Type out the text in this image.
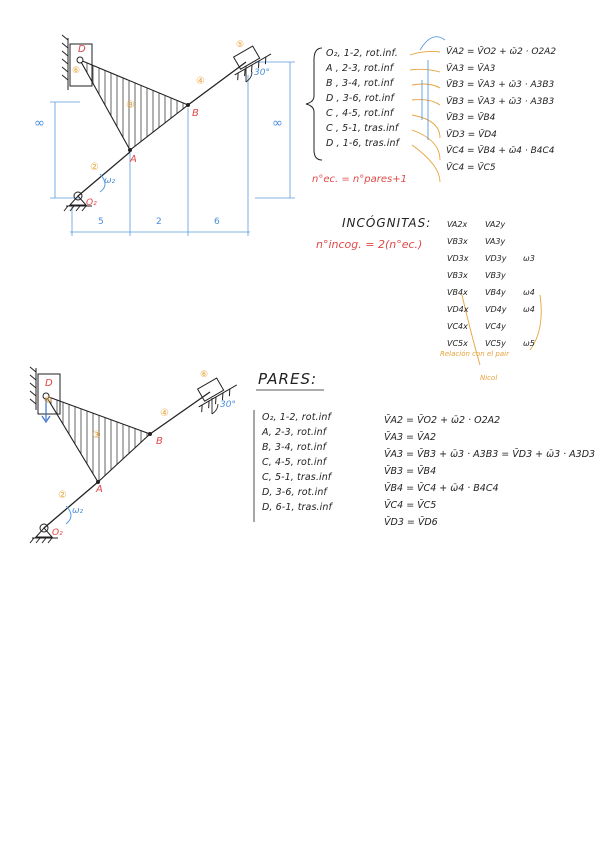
D
⑥
③
④
⑤
②
A
B
O₂
ω₂
30°
∞	∞
5	2	6
O₂, 1-2, rot.inf.
A , 2-3, rot.inf
B , 3-4, rot.inf
D , 3-6, rot.inf
C , 4-5, rot.inf
C , 5-1, tras.inf
D , 1-6, tras.inf
V̄A2 = V̄O2 + ω̄2 · O2A2
V̄A3 = V̄A3
V̄B3 = V̄A3 + ω̄3 · A3B3
V̄B3 = V̄A3 + ω̄3 · A3B3
V̄B3 = V̄B4
V̄D3 = V̄D4
V̄C4 = V̄B4 + ω̄4 · B4C4
V̄C4 = V̄C5
n°ec. = n°pares+1
INCÓGNITAS:
n°incog. = 2(n°ec.)
VA2x	VA2y	
VB3x	VA3y	
VD3x	VD3y	ω3
VB3x	VB3y	
VB4x	VB4y	ω4
VD4x	VD4y	ω4
VC4x	VC4y	
VC5x	VC5y	ω5
Relación con el pair
Nicol
D
⑥
③
④
⑥
②
A
B
O₂
ω₂
30°
PARES:
O₂, 1-2, rot.inf
A, 2-3, rot.inf
B, 3-4, rot.inf
C, 4-5, rot.inf
C, 5-1, tras.inf
D, 3-6, rot.inf
D, 6-1, tras.inf
V̄A2 = V̄O2 + ω̄2 · O2A2
V̄A3 = V̄A2
V̄A3 = V̄B3 + ω̄3 · A3B3 = V̄D3 + ω̄3 · A3D3
V̄B3 = V̄B4
V̄B4 = V̄C4 + ω̄4 · B4C4
V̄C4 = V̄C5
V̄D3 = V̄D6
